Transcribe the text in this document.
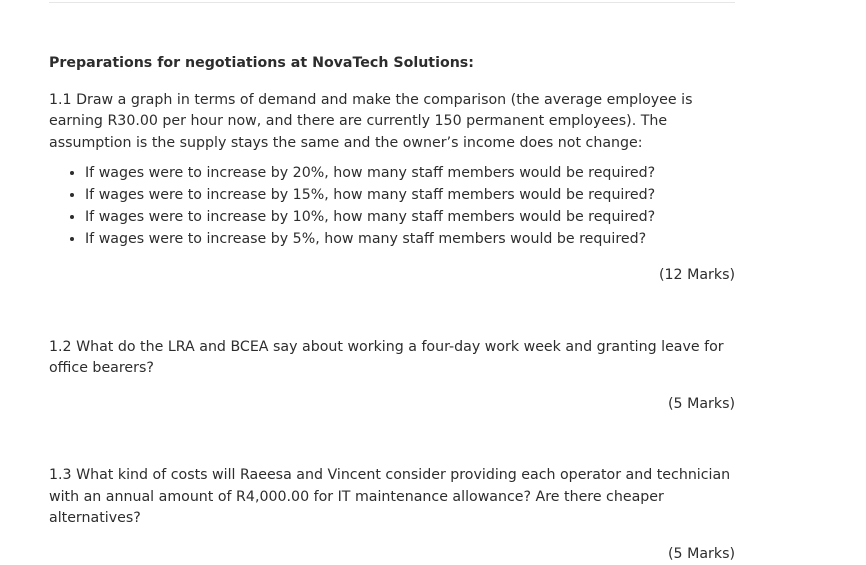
Preparations for negotiations at NovaTech Solutions:

1.1 Draw a graph in terms of demand and make the comparison (the average employee is earning R30.00 per hour now, and there are currently 150 permanent employees). The assumption is the supply stays the same and the owner’s income does not change:

• If wages were to increase by 20%, how many staff members would be required?
• If wages were to increase by 15%, how many staff members would be required?
• If wages were to increase by 10%, how many staff members would be required?
• If wages were to increase by 5%, how many staff members would be required?
(12 Marks)

1.2 What do the LRA and BCEA say about working a four-day work week and granting leave for office bearers?

(5 Marks)

1.3 What kind of costs will Raeesa and Vincent consider providing each operator and technician with an annual amount of R4,000.00 for IT maintenance allowance? Are there cheaper alternatives?

(5 Marks)
